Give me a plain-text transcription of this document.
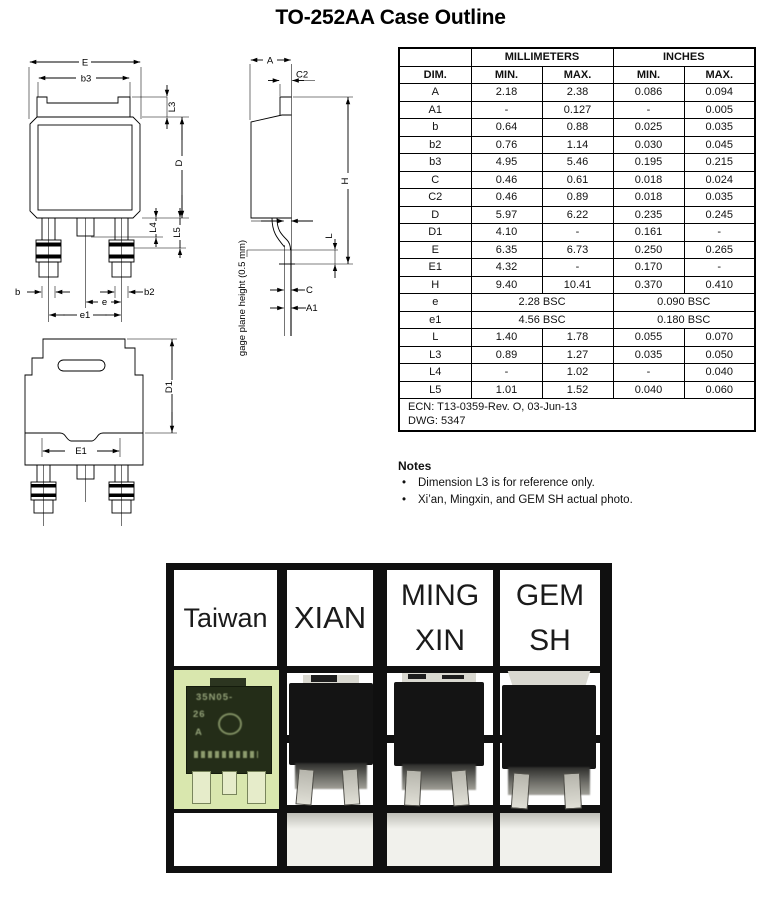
TO-252AA Case Outline
E
b3
L3
D
L4 L5
b	b2
e
e1
A
C2
gage plane height (0.5 mm)
L
H
C
A1
E1
D1
	MILLIMETERS		INCHES	
DIM.	MIN.	MAX.	MIN.	MAX.
A	2.18	2.38	0.086	0.094
A1	-	0.127	-	0.005
b	0.64	0.88	0.025	0.035
b2	0.76	1.14	0.030	0.045
b3	4.95	5.46	0.195	0.215
C	0.46	0.61	0.018	0.024
C2	0.46	0.89	0.018	0.035
D	5.97	6.22	0.235	0.245
D1	4.10	-	0.161	-
E	6.35	6.73	0.250	0.265
E1	4.32	-	0.170	-
H	9.40	10.41	0.370	0.410
e	2.28 BSC		0.090 BSC	
e1	4.56 BSC		0.180 BSC	
L	1.40	1.78	0.055	0.070
L3	0.89	1.27	0.035	0.050
L4	-	1.02	-	0.040
L5	1.01	1.52	0.040	0.060

ECN: T13-0359-Rev. O, 03-Jun-13
DWG: 5347				
Notes
•	Dimension L3 is for reference only.
•	Xi’an, Mingxin, and GEM SH actual photo.
Taiwan XIAN
MING
XIN
GEM
SH
35N05-
26
A
